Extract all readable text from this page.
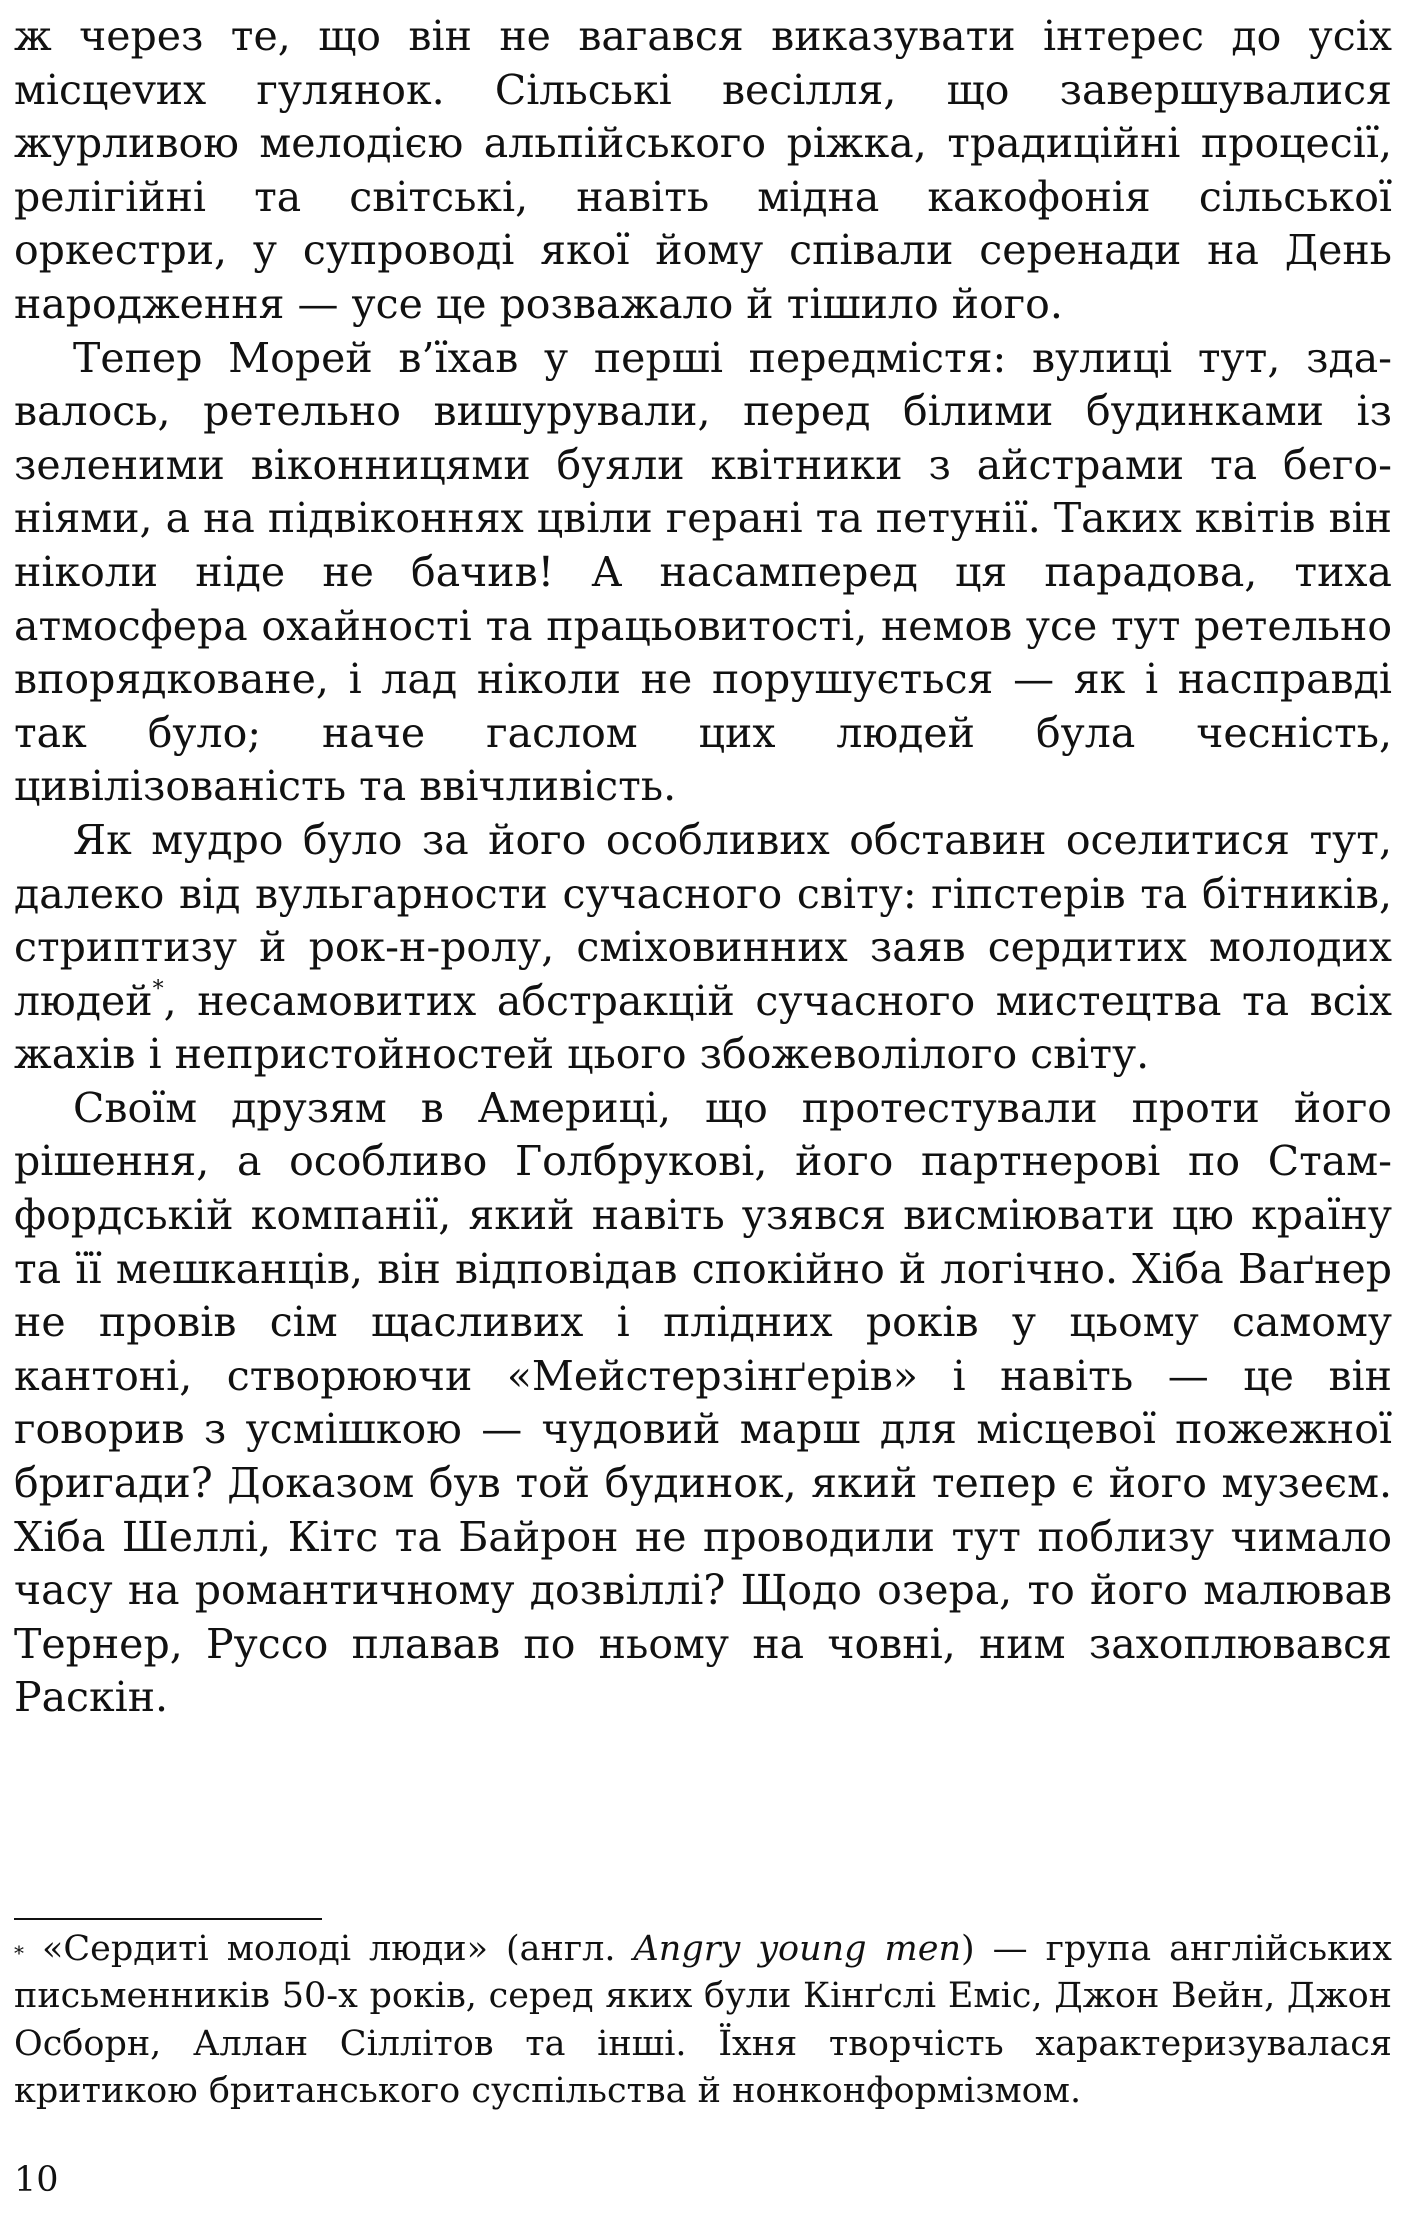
ж через те, що він не вагався виказувати інтерес до усіх місцеvих гулянок. Сільські весілля, що завершувалися журливою мелодією альпійського ріжка, традиційні процесії, релігійні та світські, навіть мідна какофонія сільської оркестри, у супроводі якої йому співали серенади на День народження — усе це розважало й тішило його.

Тепер Морей в’їхав у перші передмістя: вулиці тут, здавалось, ретельно вишурували, перед білими будинками із зеленими віконницями буяли квітники з айстрами та бегоніями, а на підвіконнях цвіли герані та петунії. Таких квітів він ніколи ніде не бачив! А насамперед ця парадова, тиха атмосфера охайності та працьовитості, немов усе тут ретельно впорядковане, і лад ніколи не порушується — як і насправді так було; наче гаслом цих людей була чесність, цивілізованість та ввічливість.

Як мудро було за його особливих обставин оселитися тут, далеко від вульгарности сучасного світу: гіпстерів та бітників, стриптизу й рок-н-ролу, сміховинних заяв сердитих молодих людей*, несамовитих абстракцій сучасного мистецтва та всіх жахів і непристойностей цього збожеволілого світу.

Своїм друзям в Америці, що протестували проти його рішення, а особливо Голбрукові, його партнерові по Стамфордській компанії, який навіть узявся висміювати цю країну та її мешканців, він відповідав спокійно й логічно. Хіба Ваґнер не провів сім щасливих і плідних років у цьому самому кантоні, створюючи «Мейстерзінґерів» і навіть — це він говорив з усмішкою — чудовий марш для місцевої пожежної бригади? Доказом був той будинок, який тепер є його музеєм. Хіба Шеллі, Кітс та Байрон не проводили тут поблизу чимало часу на романтичному дозвіллі? Щодо озера, то його малював Тернер, Руссо плавав по ньому на човні, ним захоплювався Раскін.

* «Сердиті молоді люди» (англ. Angry young men) — група англійських письменників 50-х років, серед яких були Кінґслі Еміс, Джон Вейн, Джон Осборн, Аллан Сіллітов та інші. Їхня творчість характеризувалася критикою британського суспільства й нонконформізмом.

10
